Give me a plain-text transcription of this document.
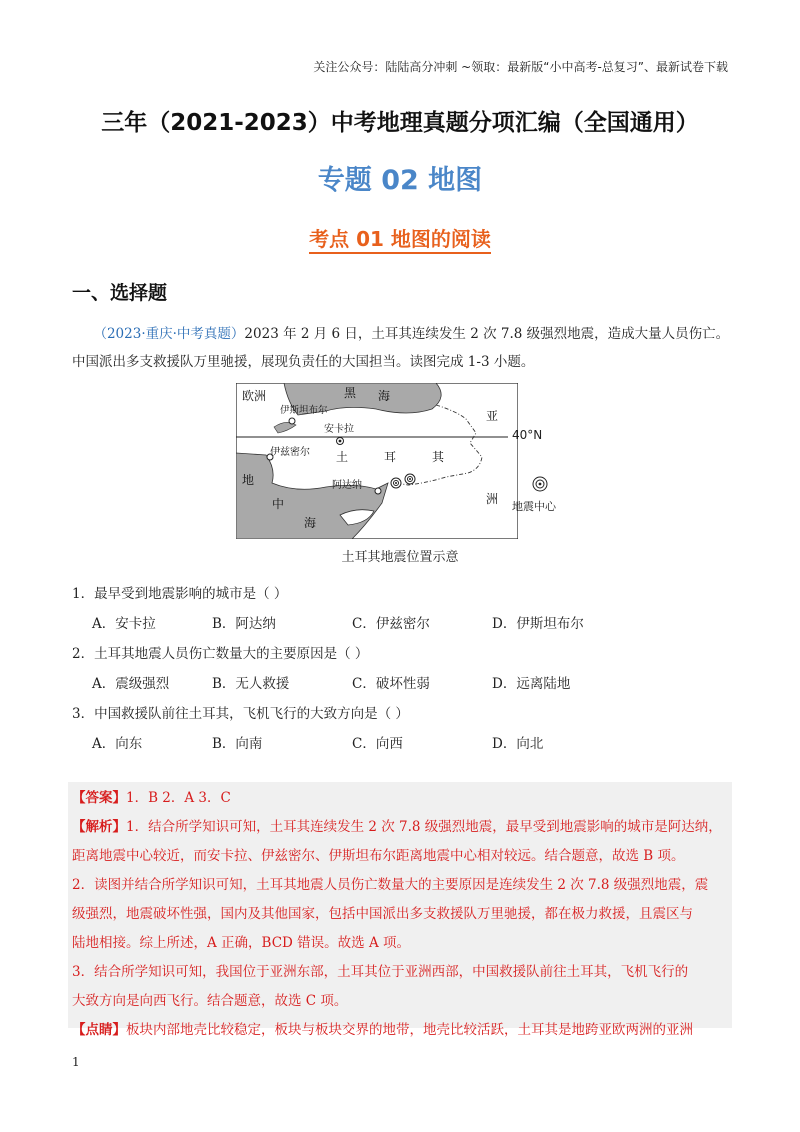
关注公众号：陆陆高分冲刺 ~领取：最新版“小中高考-总复习”、最新试卷下载
三年（2021-2023）中考地理真题分项汇编（全国通用）
专题 02 地图
考点 01 地图的阅读
一、选择题
（2023·重庆·中考真题）2023 年 2 月 6 日，土耳其连续发生 2 次 7.8 级强烈地震，造成大量人员伤亡。
中国派出多支救援队万里驰援，展现负责任的大国担当。读图完成 1-3 小题。
欧洲	黑 海
伊斯坦布尔	亚
安卡拉
伊兹密尔 土	耳	其
地	阿达纳
洲
中
海
40°N
地震中心
土耳其地震位置示意
1．最早受到地震影响的城市是（ ）
A．安卡拉	B．阿达纳	C．伊兹密尔	D．伊斯坦布尔
2．土耳其地震人员伤亡数量大的主要原因是（ ）
A．震级强烈	B．无人救援	C．破坏性弱	D．远离陆地
3．中国救援队前往土耳其，飞机飞行的大致方向是（ ）
A．向东	B．向南	C．向西	D．向北
【答案】1．B 2．A 3．C
【解析】1．结合所学知识可知，土耳其连续发生 2 次 7.8 级强烈地震，最早受到地震影响的城市是阿达纳，
距离地震中心较近，而安卡拉、伊兹密尔、伊斯坦布尔距离地震中心相对较远。结合题意，故选 B 项。
2．读图并结合所学知识可知，土耳其地震人员伤亡数量大的主要原因是连续发生 2 次 7.8 级强烈地震，震
级强烈，地震破坏性强，国内及其他国家，包括中国派出多支救援队万里驰援，都在极力救援，且震区与
陆地相接。综上所述，A 正确，BCD 错误。故选 A 项。
3．结合所学知识可知，我国位于亚洲东部，土耳其位于亚洲西部，中国救援队前往土耳其，飞机飞行的
大致方向是向西飞行。结合题意，故选 C 项。
【点睛】板块内部地壳比较稳定，板块与板块交界的地带，地壳比较活跃，土耳其是地跨亚欧两洲的亚洲
1
